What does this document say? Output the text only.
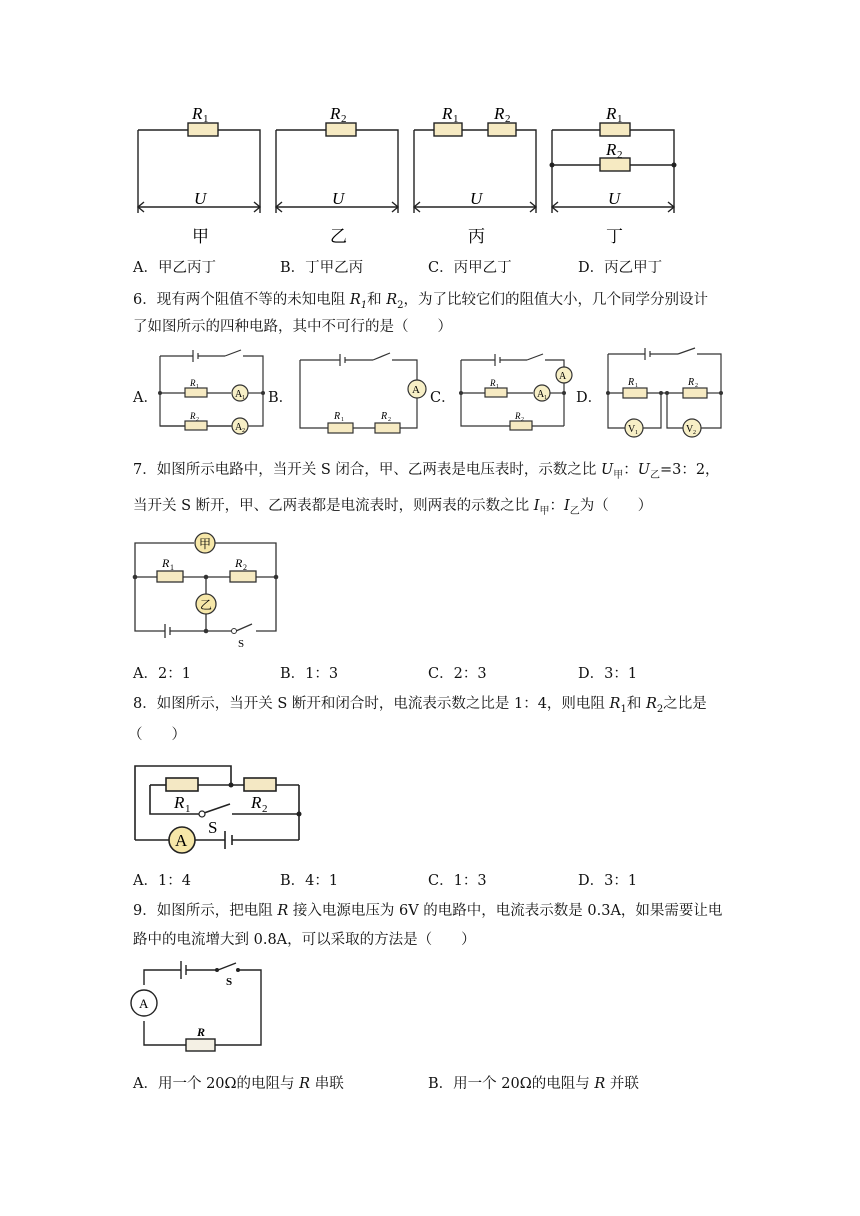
R 1
U
甲
R 2
U
乙
R 1 R 2
U
丙
R 1
R 2
U
丁
A．甲乙丙丁	B．丁甲乙丙	C．丙甲乙丁	D．丙乙甲丁
6．现有两个阻值不等的未知电阻 $R_1$和 $R_2$，为了比较它们的阻值大小，几个同学分别设计
了如图所示的四种电路，其中不可行的是（　　）
A．	B．	C．	D．
R 1
R 2
A 1
A 2
R 1	R 2
A
R 1
R 2
A
A 1
R 1	R 2
V 1	V 2
7．如图所示电路中，当开关 S 闭合，甲、乙两表是电压表时，示数之比 $U_甲$：$U_乙=3$：2，
当开关 S 断开，甲、乙两表都是电流表时，则两表的示数之比 $I_甲$：$I_乙$为（　　）
R 1	R 2
甲
乙
S
A．2：1	B．1：3	C．2：3	D．3：1
8．如图所示，当开关 S 断开和闭合时，电流表示数之比是 1：4，则电阻 $R_1$和 $R_2$之比是
（　　）
R 1	R 2
S
A
A．1：4	B．4：1	C．1：3	D．3：1
9．如图所示，把电阻 R 接入电源电压为 6V 的电路中，电流表示数是 0.3A，如果需要让电
路中的电流增大到 0.8A，可以采取的方法是（　　）
A
S
R
A．用一个 20Ω的电阻与 R 串联	B．用一个 20Ω的电阻与 R 并联
